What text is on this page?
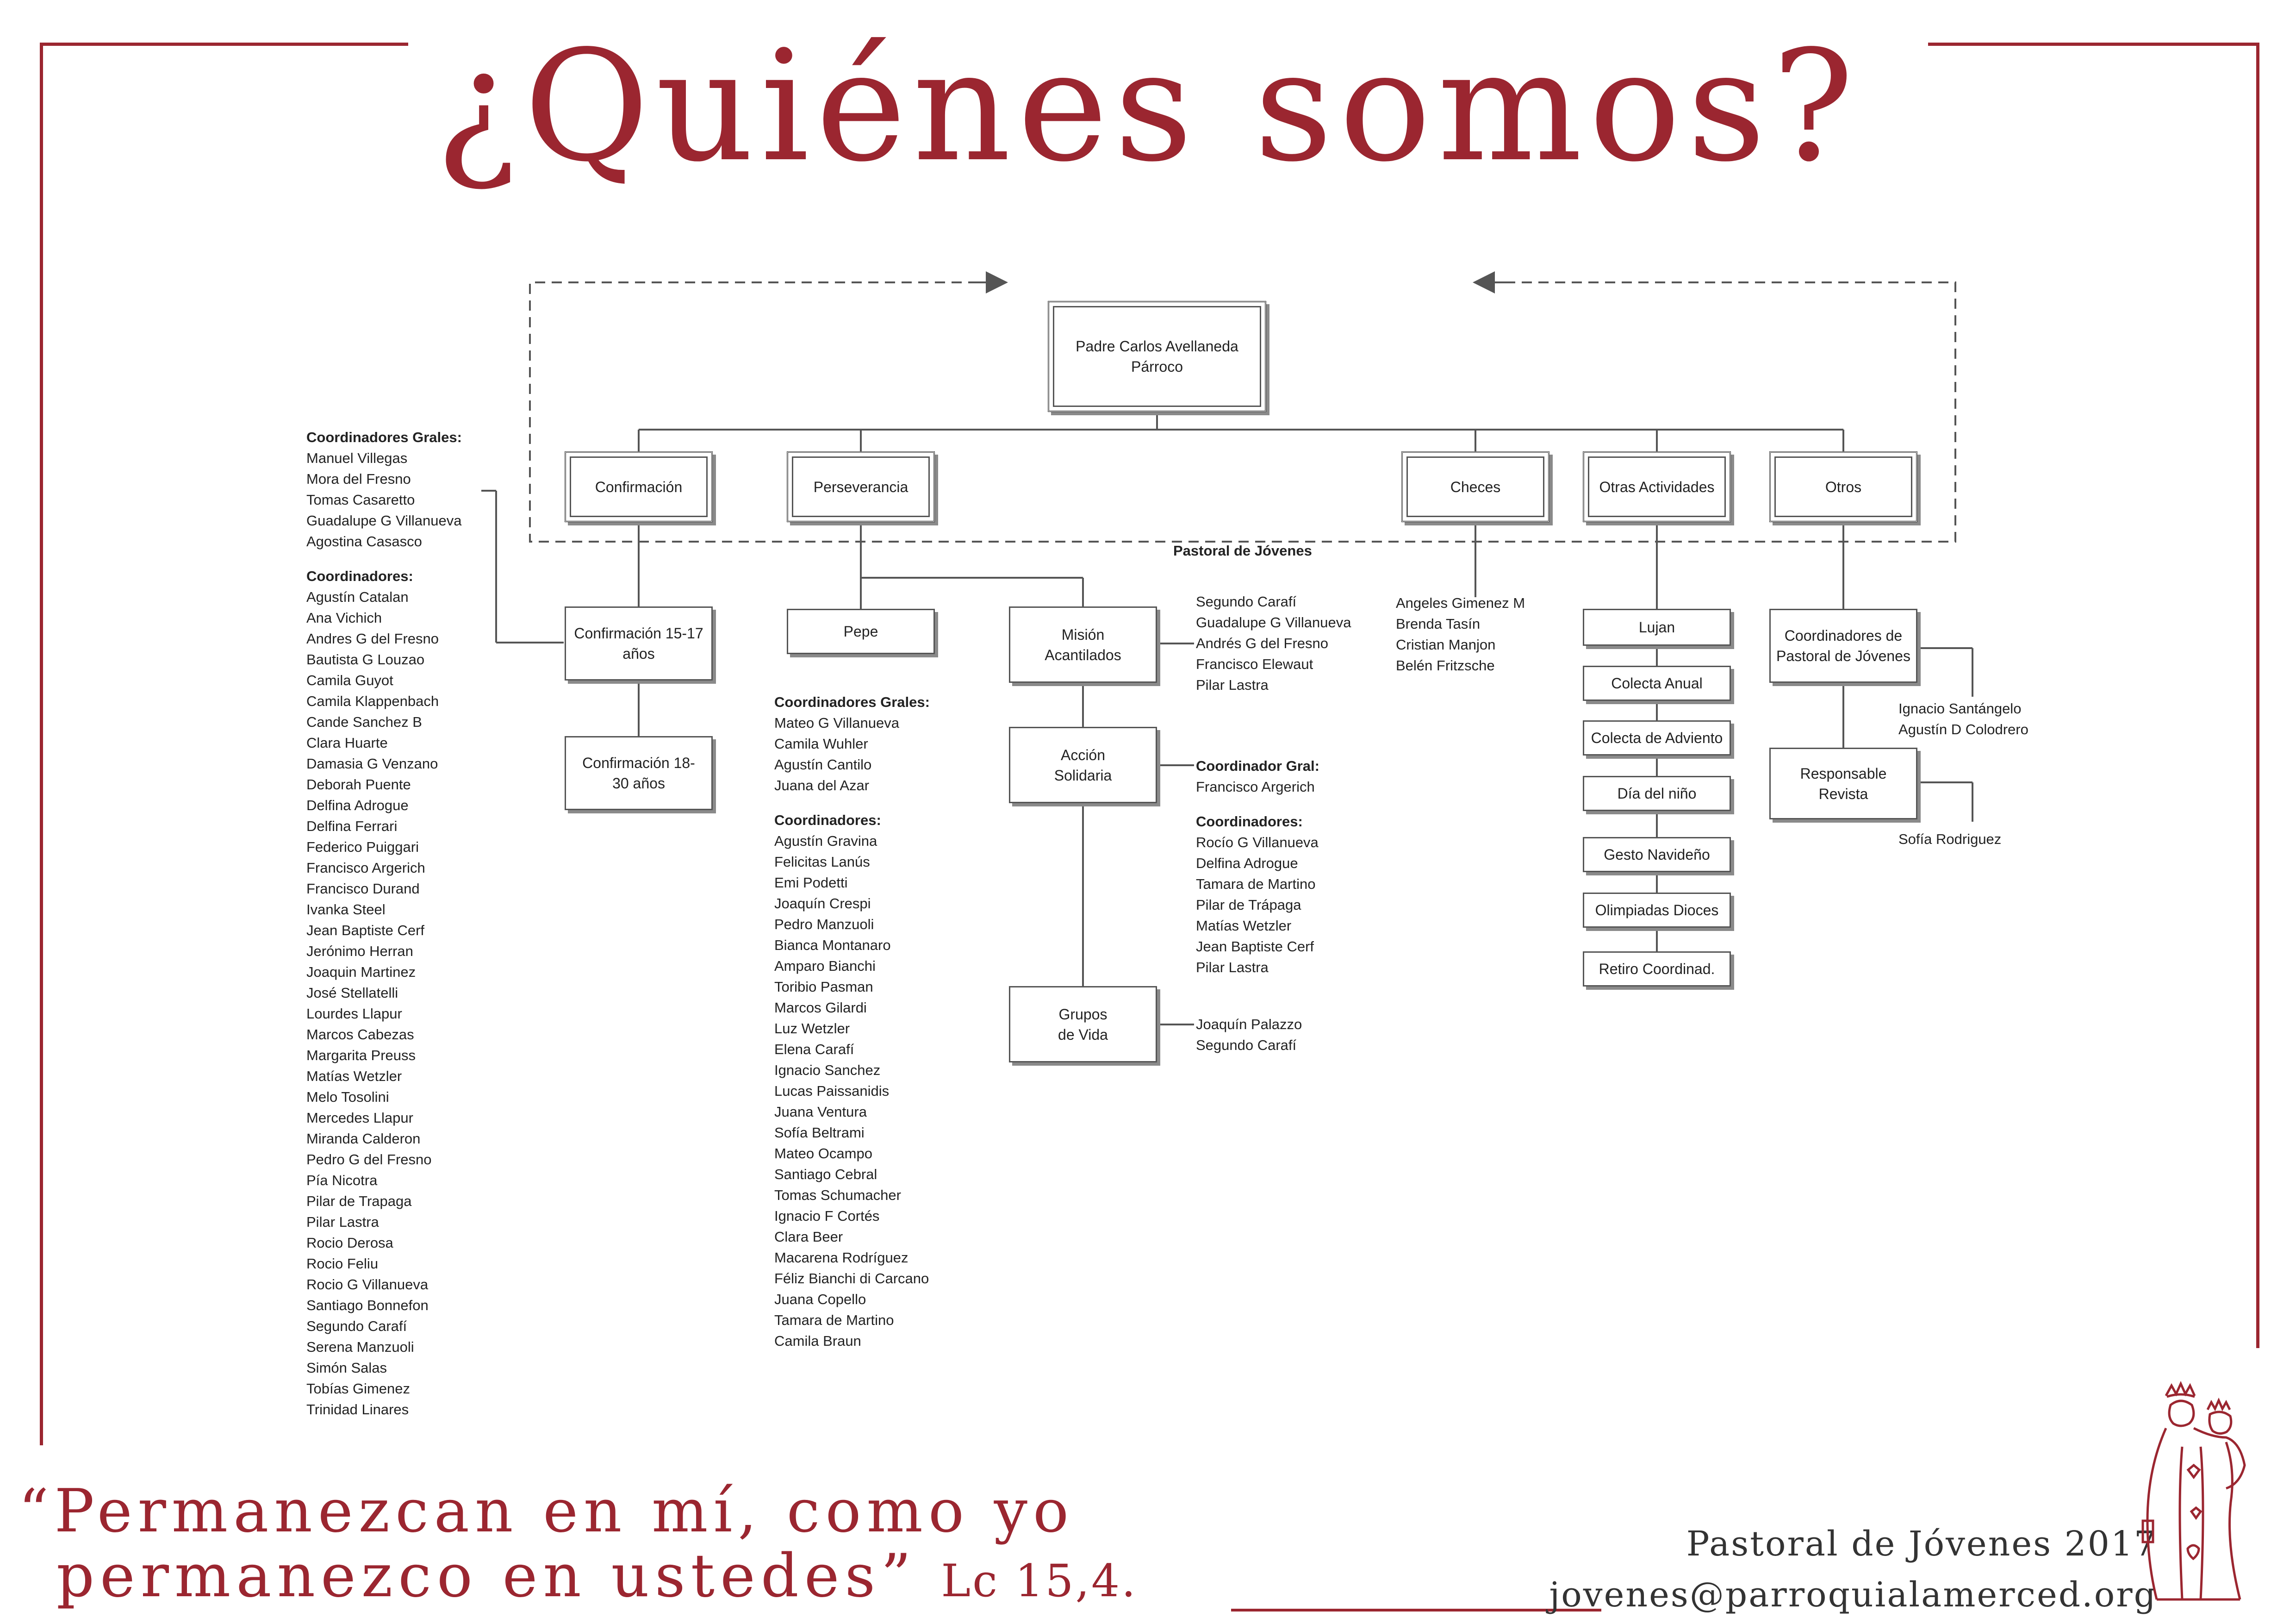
¿Quiénes somos?
Padre Carlos Avellaneda
Párroco
Pastoral de Jóvenes
Confirmación	Perseverancia	Checes	Otras Actividades	Otros
Confirmación 15-17 años
Confirmación 18-30 años
Coordinadores Grales:
Manuel Villegas
Mora del Fresno
Tomas Casaretto
Guadalupe G Villanueva
Agostina Casasco
Coordinadores:
Agustín Catalan
Ana Vichich
Andres G del Fresno
Bautista G Louzao
Camila Guyot
Camila Klappenbach
Cande Sanchez B
Clara Huarte
Damasia G Venzano
Deborah Puente
Delfina Adrogue
Delfina Ferrari
Federico Puiggari
Francisco Argerich
Francisco Durand
Ivanka Steel
Jean Baptiste Cerf
Jerónimo Herran
Joaquin Martinez
José Stellatelli
Lourdes Llapur
Marcos Cabezas
Margarita Preuss
Matías Wetzler
Melo Tosolini
Mercedes Llapur
Miranda Calderon
Pedro G del Fresno
Pía Nicotra
Pilar de Trapaga
Pilar Lastra
Rocio Derosa
Rocio Feliu
Rocio G Villanueva
Santiago Bonnefon
Segundo Carafí
Serena Manzuoli
Simón Salas
Tobías Gimenez
Trinidad Linares
Pepe
Coordinadores Grales:
Mateo G Villanueva
Camila Wuhler
Agustín Cantilo
Juana del Azar
Coordinadores:
Agustín Gravina
Felicitas Lanús
Emi Podetti
Joaquín Crespi
Pedro Manzuoli
Bianca Montanaro
Amparo Bianchi
Toribio Pasman
Marcos Gilardi
Luz Wetzler
Elena Carafí
Ignacio Sanchez
Lucas Paissanidis
Juana Ventura
Sofía Beltrami
Mateo Ocampo
Santiago Cebral
Tomas Schumacher
Ignacio F Cortés
Clara Beer
Macarena Rodríguez
Féliz Bianchi di Carcano
Juana Copello
Tamara de Martino
Camila Braun
Misión Acantilados
Acción Solidaria
Grupos de Vida
Segundo Carafí
Guadalupe G Villanueva
Andrés G del Fresno
Francisco Elewaut
Pilar Lastra
Coordinador Gral:
Francisco Argerich
Coordinadores:
Rocío G Villanueva
Delfina Adrogue
Tamara de Martino
Pilar de Trápaga
Matías Wetzler
Jean Baptiste Cerf
Pilar Lastra
Joaquín Palazzo
Segundo Carafí
Angeles Gimenez M
Brenda Tasín
Cristian Manjon
Belén Fritzsche
Lujan
Colecta Anual
Colecta de Adviento
Día del niño
Gesto Navideño
Olimpiadas Dioces
Retiro Coordinad.
Coordinadores de Pastoral de Jóvenes
Responsable Revista
Ignacio Santángelo
Agustín D Colodrero
Sofía Rodriguez
“Permanezcan en mí, como yo
permanezco en ustedes” Lc 15,4.
Pastoral de Jóvenes 2017
jovenes@parroquialamerced.org
